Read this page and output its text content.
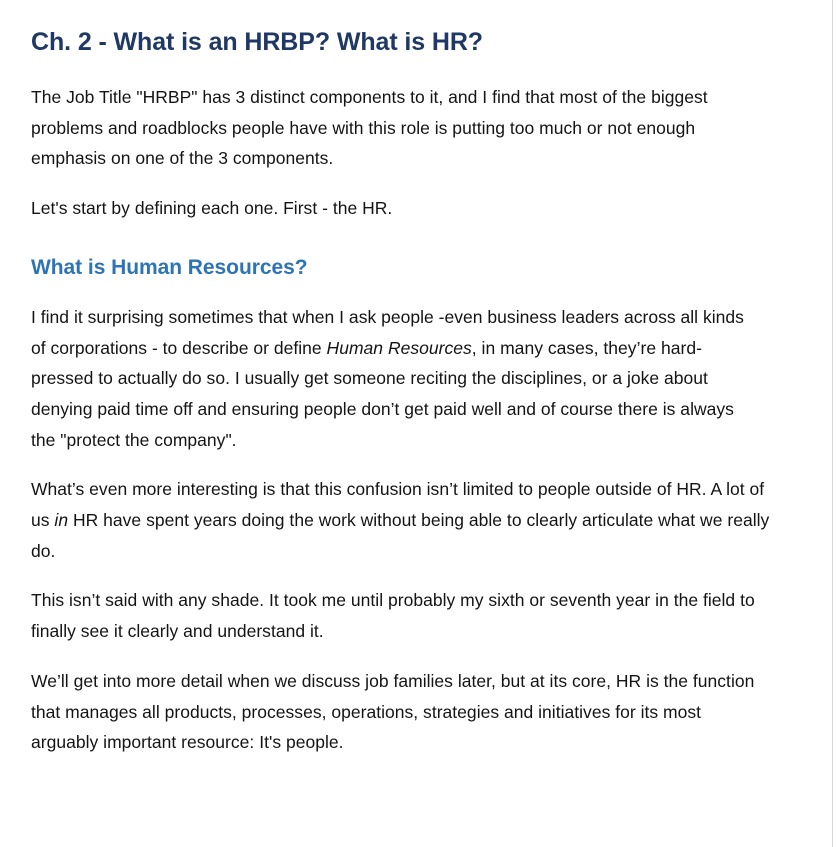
Ch. 2 - What is an HRBP? What is HR?

The Job Title "HRBP" has 3 distinct components to it, and I find that most of the biggest problems and roadblocks people have with this role is putting too much or not enough emphasis on one of the 3 components.

Let's start by defining each one. First - the HR.

What is Human Resources?

I find it surprising sometimes that when I ask people -even business leaders across all kinds of corporations - to describe or define Human Resources, in many cases, they’re hard-pressed to actually do so. I usually get someone reciting the disciplines, or a joke about denying paid time off and ensuring people don’t get paid well and of course there is always the "protect the company".

What’s even more interesting is that this confusion isn’t limited to people outside of HR. A lot of us in HR have spent years doing the work without being able to clearly articulate what we really do.

This isn’t said with any shade. It took me until probably my sixth or seventh year in the field to finally see it clearly and understand it.

We’ll get into more detail when we discuss job families later, but at its core, HR is the function that manages all products, processes, operations, strategies and initiatives for its most arguably important resource: It's people.
